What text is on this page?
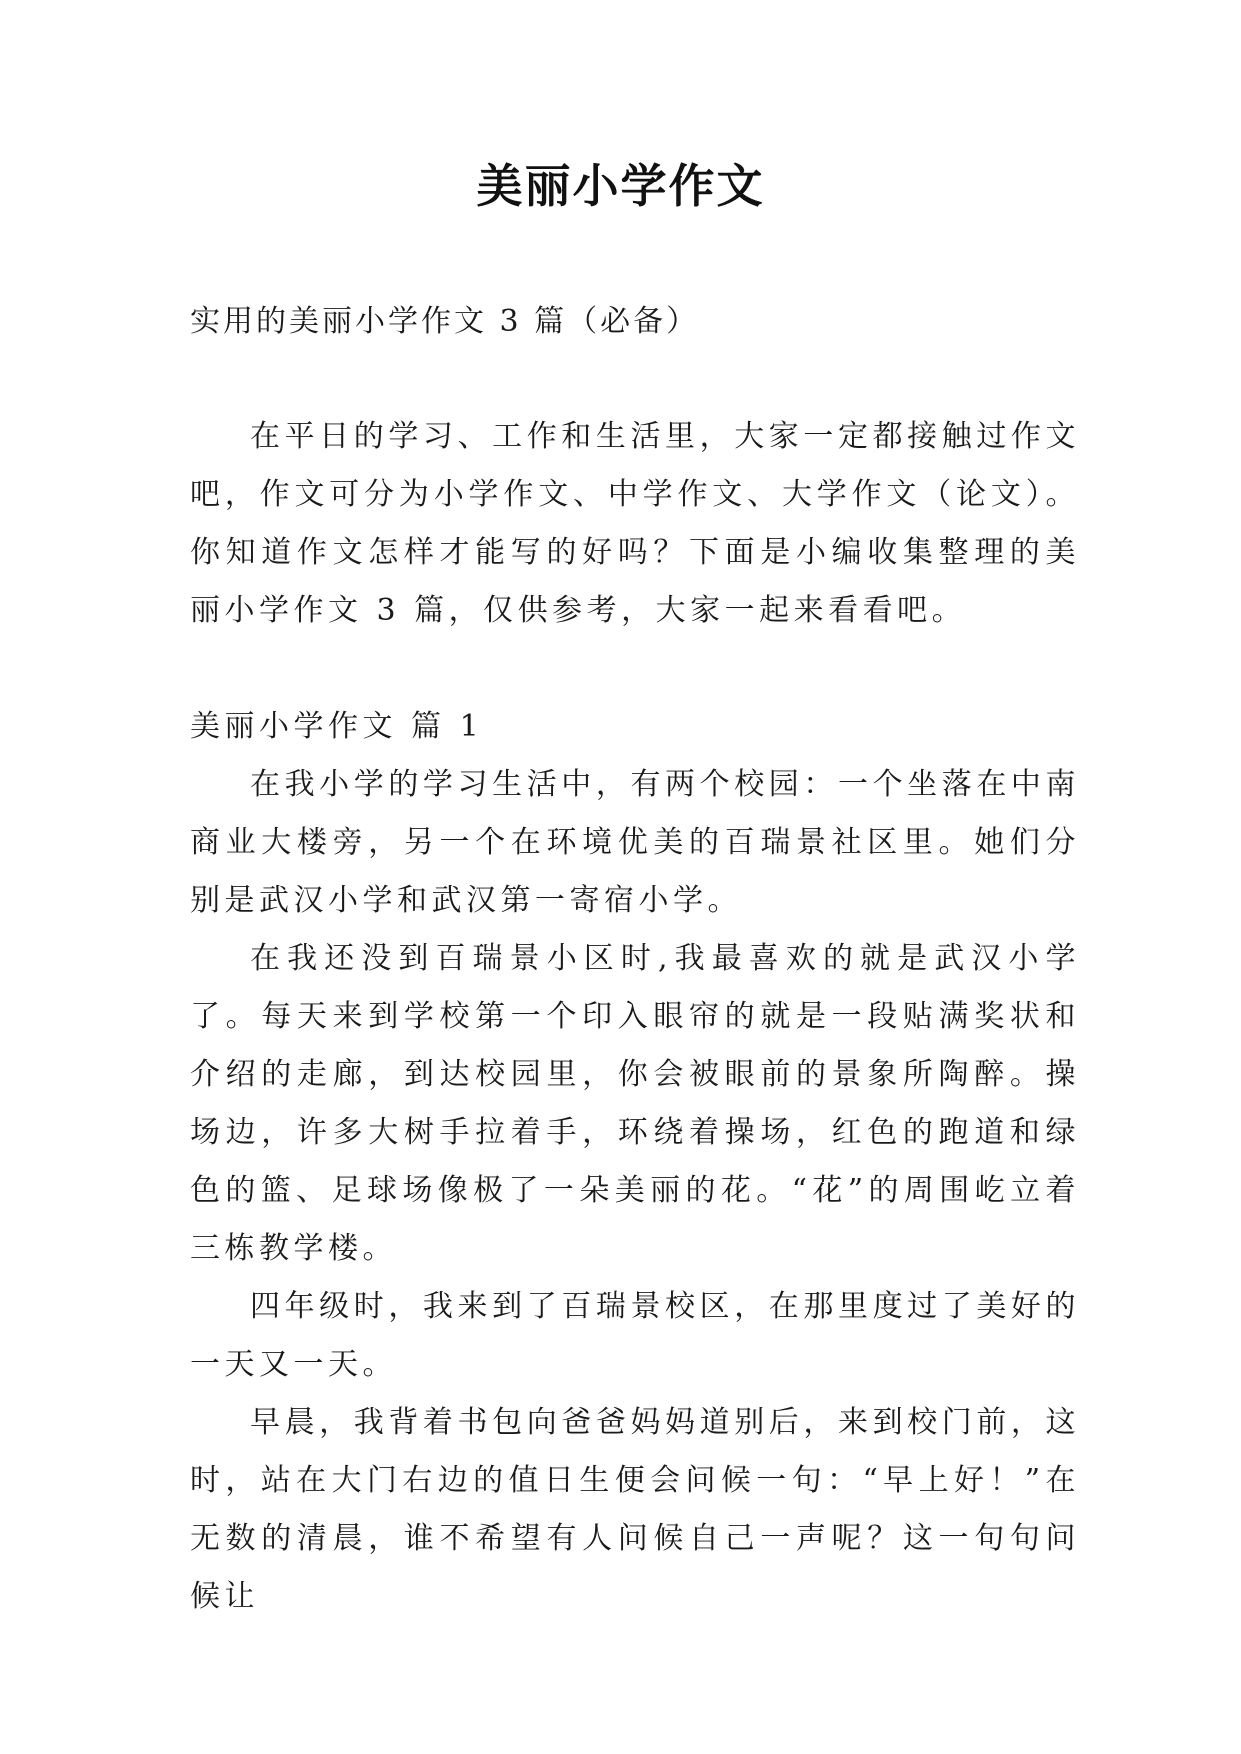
美丽小学作文
实用的美丽小学作文 3 篇（必备）

在平日的学习、工作和生活里，大家一定都接触过作文吧，作文可分为小学作文、中学作文、大学作文（论文）。你知道作文怎样才能写的好吗？下面是小编收集整理的美丽小学作文 3 篇，仅供参考，大家一起来看看吧。

美丽小学作文 篇 1

在我小学的学习生活中，有两个校园：一个坐落在中南商业大楼旁，另一个在环境优美的百瑞景社区里。她们分别是武汉小学和武汉第一寄宿小学。

在我还没到百瑞景小区时,我最喜欢的就是武汉小学了。每天来到学校第一个印入眼帘的就是一段贴满奖状和介绍的走廊，到达校园里，你会被眼前的景象所陶醉。操场边，许多大树手拉着手，环绕着操场，红色的跑道和绿色的篮、足球场像极了一朵美丽的花。“花”的周围屹立着三栋教学楼。

四年级时，我来到了百瑞景校区，在那里度过了美好的一天又一天。

早晨，我背着书包向爸爸妈妈道别后，来到校门前，这时，站在大门右边的值日生便会问候一句：“早上好！”在无数的清晨，谁不希望有人问候自己一声呢？这一句句问候让
